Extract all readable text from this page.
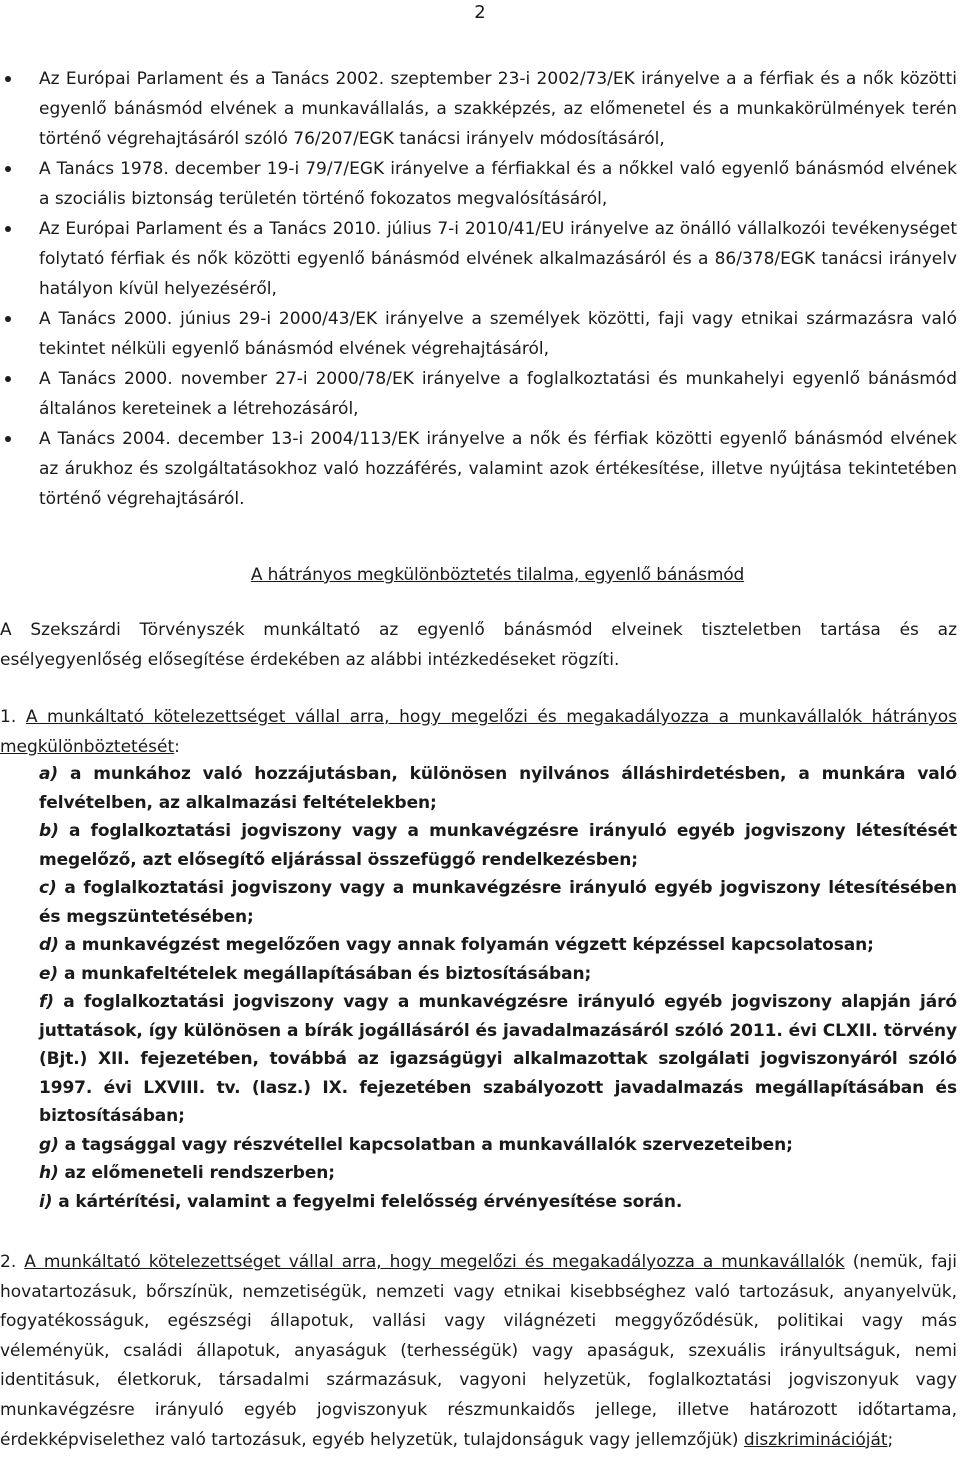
2
Az Európai Parlament és a Tanács 2002. szeptember 23-i 2002/73/EK irányelve a a férfiak és a nők közötti egyenlő bánásmód elvének a munkavállalás, a szakképzés, az előmenetel és a munkakörülmények terén történő végrehajtásáról szóló 76/207/EGK tanácsi irányelv módosításáról,
A Tanács 1978. december 19-i 79/7/EGK irányelve a férfiakkal és a nőkkel való egyenlő bánásmód elvének a szociális biztonság területén történő fokozatos megvalósításáról,
Az Európai Parlament és a Tanács 2010. július 7-i 2010/41/EU irányelve az önálló vállalkozói tevékenységet folytató férfiak és nők közötti egyenlő bánásmód elvének alkalmazásáról és a 86/378/EGK tanácsi irányelv hatályon kívül helyezéséről,
A Tanács 2000. június 29-i 2000/43/EK irányelve a személyek közötti, faji vagy etnikai származásra való tekintet nélküli egyenlő bánásmód elvének végrehajtásáról,
A Tanács 2000. november 27-i 2000/78/EK irányelve a foglalkoztatási és munkahelyi egyenlő bánásmód általános kereteinek a létrehozásáról,
A Tanács 2004. december 13-i 2004/113/EK irányelve a nők és férfiak közötti egyenlő bánásmód elvének az árukhoz és szolgáltatásokhoz való hozzáférés, valamint azok értékesítése, illetve nyújtása tekintetében történő végrehajtásáról.
A hátrányos megkülönböztetés tilalma, egyenlő bánásmód

A Szekszárdi Törvényszék munkáltató az egyenlő bánásmód elveinek tiszteletben tartása és az esélyegyenlőség elősegítése érdekében az alábbi intézkedéseket rögzíti.

1. A munkáltató kötelezettséget vállal arra, hogy megelőzi és megakadályozza a munkavállalók hátrányos megkülönböztetését:

a) a munkához való hozzájutásban, különösen nyilvános álláshirdetésben, a munkára való felvételben, az alkalmazási feltételekben;
b) a foglalkoztatási jogviszony vagy a munkavégzésre irányuló egyéb jogviszony létesítését megelőző, azt elősegítő eljárással összefüggő rendelkezésben;
c) a foglalkoztatási jogviszony vagy a munkavégzésre irányuló egyéb jogviszony létesítésében és megszüntetésében;
d) a munkavégzést megelőzően vagy annak folyamán végzett képzéssel kapcsolatosan;
e) a munkafeltételek megállapításában és biztosításában;
f) a foglalkoztatási jogviszony vagy a munkavégzésre irányuló egyéb jogviszony alapján járó juttatások, így különösen a bírák jogállásáról és javadalmazásáról szóló 2011. évi CLXII. törvény (Bjt.) XII. fejezetében, továbbá az igazságügyi alkalmazottak szolgálati jogviszonyáról szóló 1997. évi LXVIII. tv. (Iasz.) IX. fejezetében szabályozott javadalmazás megállapításában és biztosításában;
g) a tagsággal vagy részvétellel kapcsolatban a munkavállalók szervezeteiben;
h) az előmeneteli rendszerben;
i) a kártérítési, valamint a fegyelmi felelősség érvényesítése során.

2. A munkáltató kötelezettséget vállal arra, hogy megelőzi és megakadályozza a munkavállalók (nemük, faji hovatartozásuk, bőrszínük, nemzetiségük, nemzeti vagy etnikai kisebbséghez való tartozásuk, anyanyelvük, fogyatékosságuk, egészségi állapotuk, vallási vagy világnézeti meggyőződésük, politikai vagy más véleményük, családi állapotuk, anyaságuk (terhességük) vagy apaságuk, szexuális irányultságuk, nemi identitásuk, életkoruk, társadalmi származásuk, vagyoni helyzetük, foglalkoztatási jogviszonyuk vagy munkavégzésre irányuló egyéb jogviszonyuk részmunkaidős jellege, illetve határozott időtartama, érdekképviselethez való tartozásuk, egyéb helyzetük, tulajdonságuk vagy jellemzőjük) diszkriminációját;
